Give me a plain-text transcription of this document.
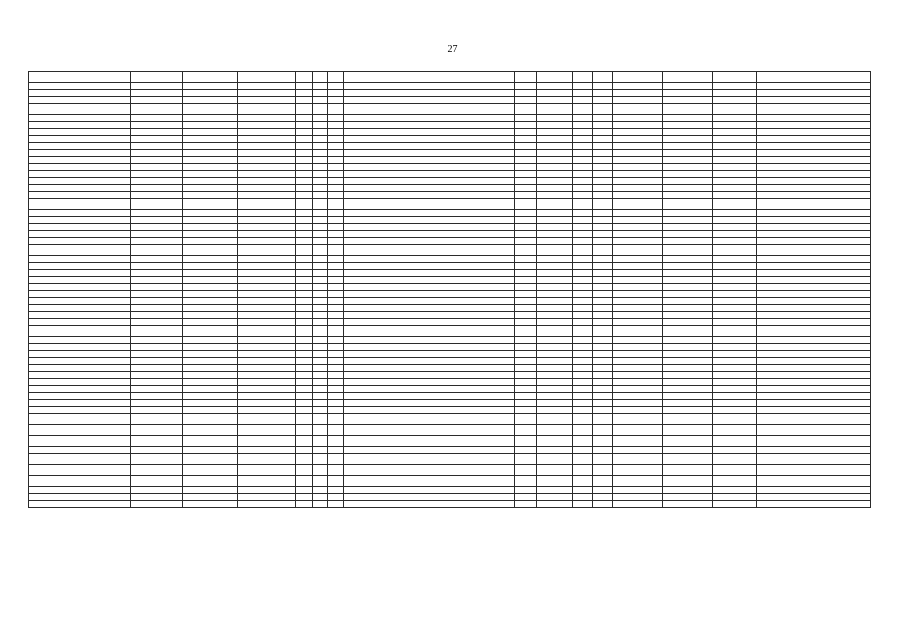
27
